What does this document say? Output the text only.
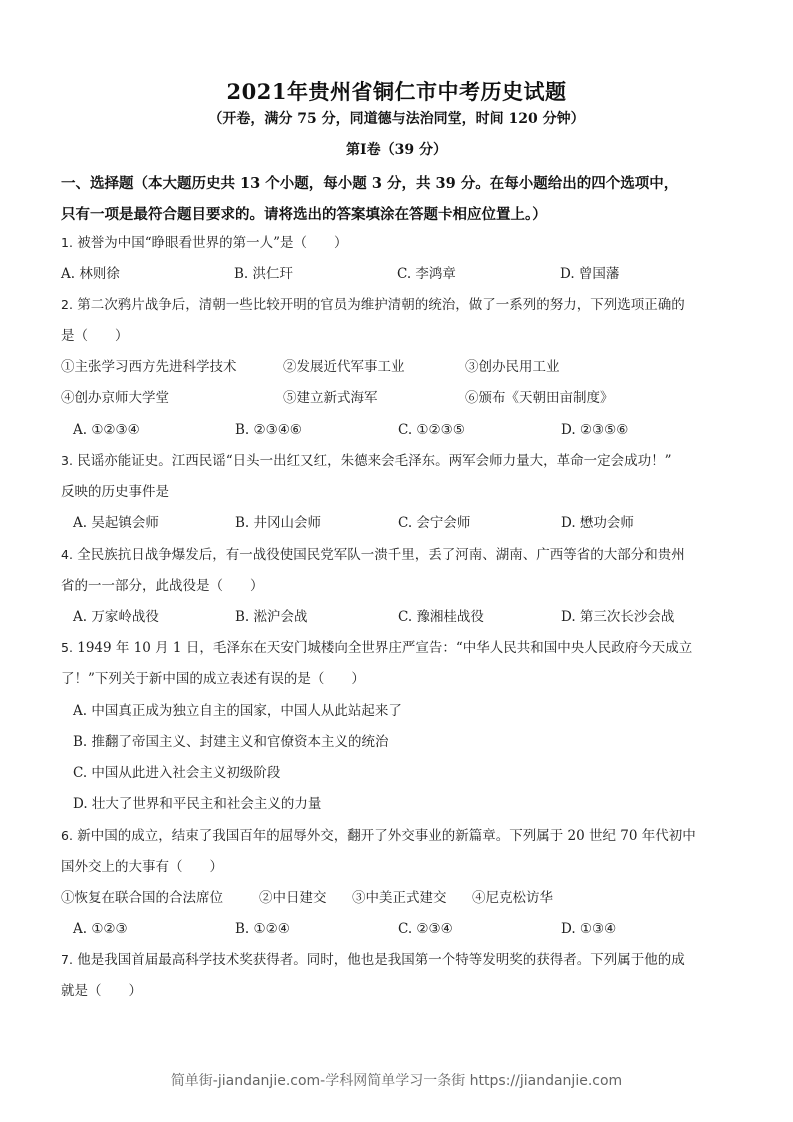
2021年贵州省铜仁市中考历史试题
（开卷，满分 75 分，同道德与法治同堂，时间 120 分钟）
第Ⅰ卷（39 分）
一、选择题（本大题历史共 13 个小题，每小题 3 分，共 39 分。在每小题给出的四个选项中，
只有一项是最符合题目要求的。请将选出的答案填涂在答题卡相应位置上。）
1. 被誉为中国“睁眼看世界的第一人”是（　　）
A. 林则徐	B. 洪仁玕	C. 李鸿章	D. 曾国藩
2. 第二次鸦片战争后，清朝一些比较开明的官员为维护清朝的统治，做了一系列的努力，下列选项正确的
是（　　）
①主张学习西方先进科学技术	②发展近代军事工业	③创办民用工业
④创办京师大学堂	⑤建立新式海军	⑥颁布《天朝田亩制度》
A. ①②③④	B. ②③④⑥	C. ①②③⑤	D. ②③⑤⑥
3. 民谣亦能证史。江西民谣“日头一出红又红，朱德来会毛泽东。两军会师力量大，革命一定会成功！”
反映的历史事件是
A. 吴起镇会师	B. 井冈山会师	C. 会宁会师	D. 懋功会师
4. 全民族抗日战争爆发后，有一战役使国民党军队一溃千里，丢了河南、湖南、广西等省的大部分和贵州
省的一一部分，此战役是（　　）
A. 万家岭战役	B. 淞沪会战	C. 豫湘桂战役	D. 第三次长沙会战
5. 1949 年 10 月 1 日，毛泽东在天安门城楼向全世界庄严宣告：“中华人民共和国中央人民政府今天成立
了！”下列关于新中国的成立表述有误的是（　　）
A. 中国真正成为独立自主的国家，中国人从此站起来了
B. 推翻了帝国主义、封建主义和官僚资本主义的统治
C. 中国从此进入社会主义初级阶段
D. 壮大了世界和平民主和社会主义的力量
6. 新中国的成立，结束了我国百年的屈辱外交，翻开了外交事业的新篇章。下列属于 20 世纪 70 年代初中
国外交上的大事有（　　）
①恢复在联合国的合法席位	②中日建交 ③中美正式建交 ④尼克松访华
A. ①②③	B. ①②④	C. ②③④	D. ①③④
7. 他是我国首届最高科学技术奖获得者。同时，他也是我国第一个特等发明奖的获得者。下列属于他的成
就是（　　）
简单街-jiandanjie.com-学科网简单学习一条街 https://jiandanjie.com
